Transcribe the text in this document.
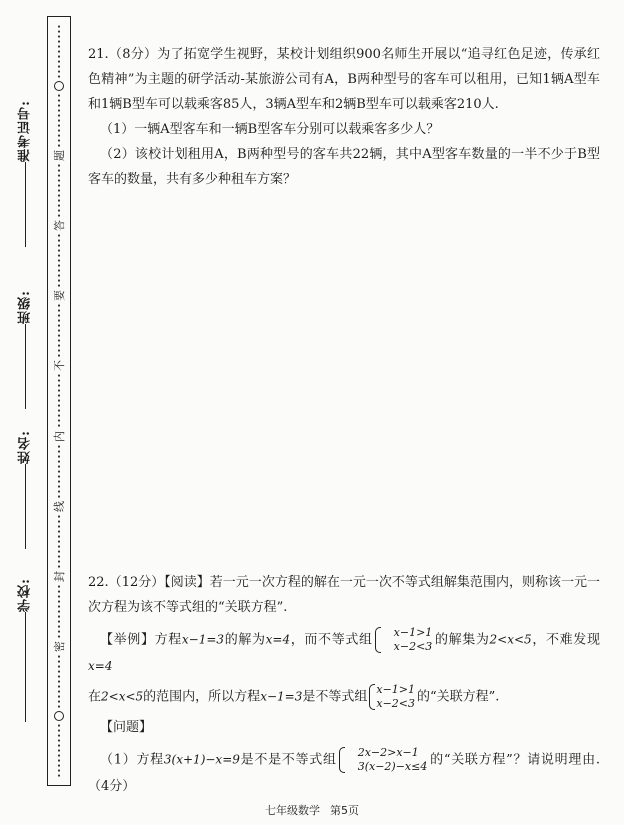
题
答
要
不
内
线
封
密
学校:
姓名:
班级:
准考证号:

21.（8分）为了拓宽学生视野，某校计划组织900名师生开展以“追寻红色足迹，传承红色精神”为主题的研学活动-某旅游公司有A，B两种型号的客车可以租用，已知1辆A型车和1辆B型车可以载乘客85人，3辆A型车和2辆B型车可以载乘客210人.

（1）一辆A型客车和一辆B型客车分别可以载乘客多少人？

（2）该校计划租用A，B两种型号的客车共22辆，其中A型客车数量的一半不少于B型客车的数量，共有多少种租车方案？

22.（12分）【阅读】若一元一次方程的解在一元一次不等式组解集范围内，则称该一元一次方程为该不等式组的“关联方程”.

【举例】方程x−1=3的解为x=4，而不等式组	x−1>1
x−2<3 的解集为2<x<5，不难发现x=4

在2<x<5的范围内，所以方程x−1=3是不等式组 x−1>1
x−2<3 的“关联方程”.

【问题】

（1）方程3(x+1)−x=9是不是不等式组	2x−2>x−1
3(x−2)−x≤4 的“关联方程”？请说明理由.（4分）

七年级数学 第5页
